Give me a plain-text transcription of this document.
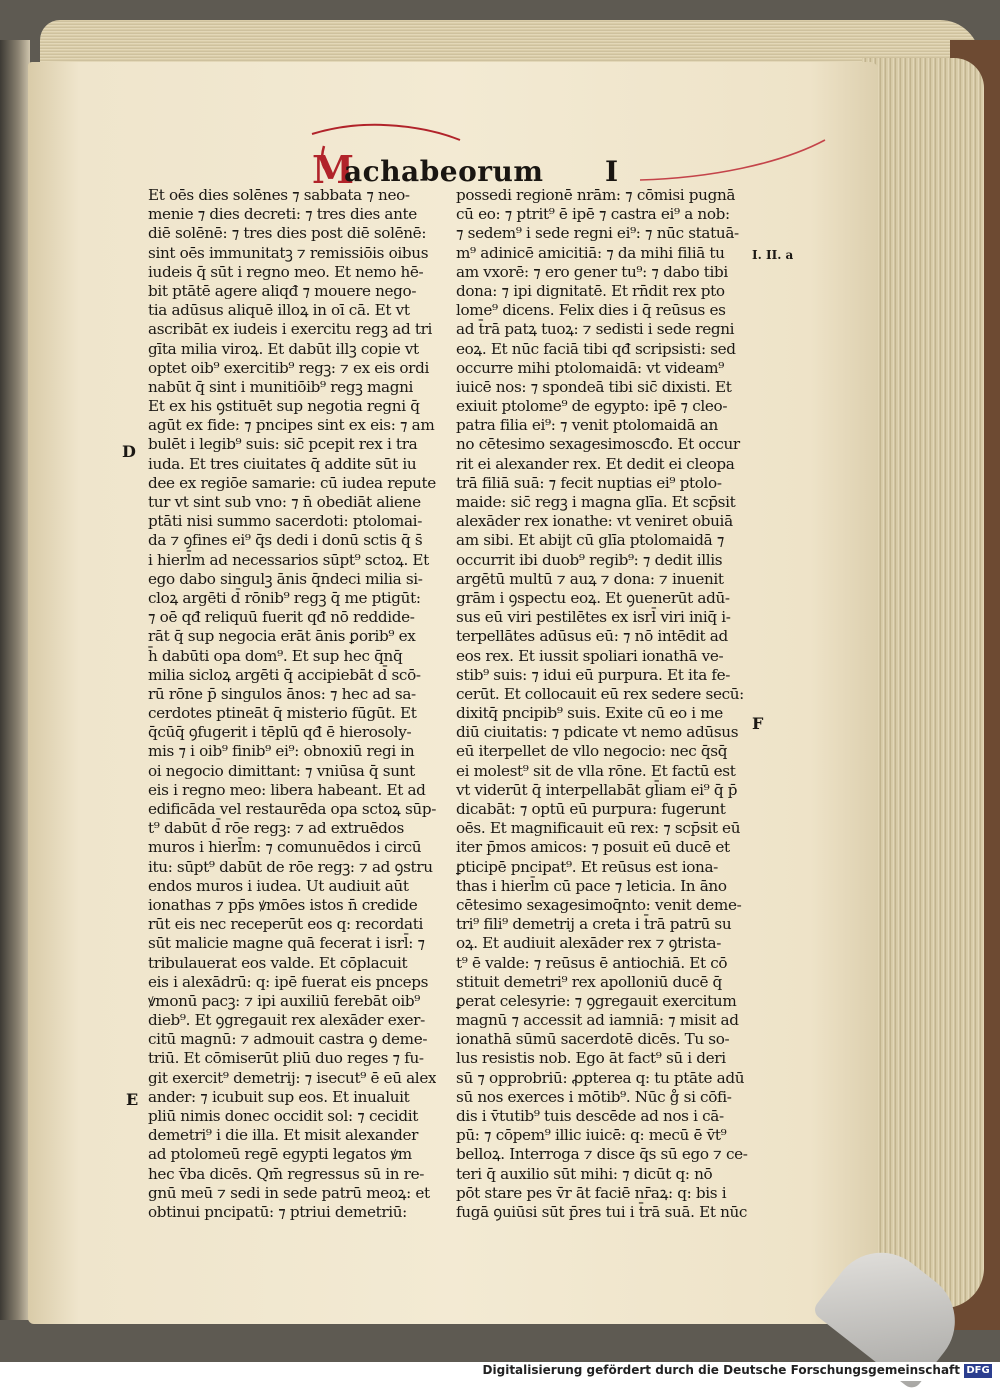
M
achabeorum I
Et oēs dies solēnes ⁊ sabbata ⁊ neo-
menie ⁊ dies decreti: ⁊ tres dies ante
diē solēnē: ⁊ tres dies post diē solēnē:
sint oēs immunitatꝫ ⁊ remissiōis oibus
iudeis q̄ sūt i regno meo. Et nemo hē-
bit ptātē agere aliqđ ⁊ mouere nego-
tia adūsus aliquē illoꝝ in oī cā. Et vt
ascribāt ex iudeis i exercitu regꝫ ad tri
gīta milia viroꝝ. Et dabūt illꝫ copie vt
optet oib⁹ exercitib⁹ regꝫ: ⁊ ex eis ordi
nabūt q̄ sint i munitiōib⁹ regꝫ magni
Et ex his ꝯstituēt sup negotia regni q̄
agūt ex fide: ⁊ pncipes sint ex eis: ⁊ am
bulēt i legib⁹ suis: sic̄ pcepit rex i tra
iuda. Et tres ciuitates q̄ addite sūt iu
dee ex regiōe samarie: cū iudea repute
tur vt sint sub vno: ⁊ n̄ obediāt aliene
ptāti nisi summo sacerdoti: ptolomai-
da ⁊ ꝯfines ei⁹ q̄s dedi i donū sctis q̄ s̄
i hierl̄m ad necessarios sūpt⁹ sctoꝝ. Et
ego dabo singulꝫ ānis q̄ndeci milia si-
cloꝝ argēti d̄ rōnib⁹ regꝫ q̄ me ptigūt:
⁊ oē qđ reliquū fuerit qđ nō reddide-
rāt q̄ sup negocia erāt ānis ꝑorib⁹ ex
h̄ dabūti opa dom⁹. Et sup hec q̄nq̄
milia sicloꝝ argēti q̄ accipiebāt d̄ scō-
rū rōne p̄ singulos ānos: ⁊ hec ad sa-
cerdotes ptineāt q̄ misterio fūgūt. Et
q̄cūq̄ ꝯfugerit i tēplū qđ ē hierosoly-
mis ⁊ i oib⁹ finib⁹ ei⁹: obnoxiū regi in
oi negocio dimittant: ⁊ vniūsa q̄ sunt
eis i regno meo: libera habeant. Et ad
edificāda vel restaurēda opa sctoꝝ sūp-
t⁹ dabūt d̄ rōe regꝫ: ⁊ ad extruēdos
muros i hierl̄m: ⁊ comunuēdos i circū
itu: sūpt⁹ dabūt de rōe regꝫ: ⁊ ad ꝯstru
endos muros i iudea. Ut audiuit aūt
ionathas ⁊ pp̄s ꝟmōes istos n̄ credide
rūt eis nec receperūt eos q: recordati
sūt malicie magne quā fecerat i isrl̄: ⁊
tribulauerat eos valde. Et cōplacuit
eis i alexādrū: q: ipē fuerat eis pnceps
ꝟmonū pacꝫ: ⁊ ipi auxiliū ferebāt oib⁹
dieb⁹. Et ꝯgregauit rex alexāder exer-
citū magnū: ⁊ admouit castra ꝯ deme-
triū. Et cōmiserūt pliū duo reges ⁊ fu-
git exercit⁹ demetrij: ⁊ isecut⁹ ē eū alex
ander: ⁊ icubuit sup eos. Et inualuit
pliū nimis donec occidit sol: ⁊ cecidit
demetri⁹ i die illa. Et misit alexander
ad ptolomeū regē egypti legatos ꝟm
hec v̄ba dicēs. Qm̄ regressus sū in re-
gnū meū ⁊ sedi in sede patrū meoꝝ: et
obtinui pncipatū: ⁊ ptriui demetriū:
possedi regionē nrām: ⁊ cōmisi pugnā
cū eo: ⁊ ptrit⁹ ē ipē ⁊ castra ei⁹ a nob:
⁊ sedem⁹ i sede regni ei⁹: ⁊ nūc statuā-
m⁹ adinicē amicitiā: ⁊ da mihi filiā tu
am vxorē: ⁊ ero gener tu⁹: ⁊ dabo tibi
dona: ⁊ ipi dignitatē. Et rn̄dit rex pto
lome⁹ dicens. Felix dies i q̄ reūsus es
ad t̄rā patꝝ tuoꝝ: ⁊ sedisti i sede regni
eoꝝ. Et nūc faciā tibi qđ scripsisti: sed
occurre mihi ptolomaidā: vt videam⁹
iuicē nos: ⁊ spondeā tibi sic̄ dixisti. Et
exiuit ptolome⁹ de egypto: ipē ⁊ cleo-
patra filia ei⁹: ⁊ venit ptolomaidā an
no cētesimo sexagesimoscđo. Et occur
rit ei alexander rex. Et dedit ei cleopa
trā filiā suā: ⁊ fecit nuptias ei⁹ ptolo-
maide: sic̄ regꝫ i magna glīa. Et scp̄sit
alexāder rex ionathe: vt veniret obuiā
am sibi. Et abijt cū glīa ptolomaidā ⁊
occurrit ibi duob⁹ regib⁹: ⁊ dedit illis
argētū multū ⁊ auꝝ ⁊ dona: ⁊ inuenit
grām i ꝯspectu eoꝝ. Et ꝯuenerūt adū-
sus eū viri pestilētes ex isrl̄ viri iniq̄ i-
terpellātes adūsus eū: ⁊ nō intēdit ad
eos rex. Et iussit spoliari ionathā ve-
stib⁹ suis: ⁊ idui eū purpura. Et ita fe-
cerūt. Et collocauit eū rex sedere secū:
dixitq̄ pncipib⁹ suis. Exite cū eo i me
diū ciuitatis: ⁊ pdicate vt nemo adūsus
eū iterpellet de vllo negocio: nec q̄sq̄
ei molest⁹ sit de vlla rōne. Et factū est
vt viderūt q̄ interpellabāt gl̄iam ei⁹ q̄ p̄
dicabāt: ⁊ optū eū purpura: fugerunt
oēs. Et magnificauit eū rex: ⁊ scp̄sit eū
iter p̄mos amicos: ⁊ posuit eū ducē et
ꝑticipē pncipat⁹. Et reūsus est iona-
thas i hierl̄m cū pace ⁊ leticia. In āno
cētesimo sexagesimoq̄nto: venit deme-
tri⁹ fili⁹ demetrij a creta i t̄rā patrū su
oꝝ. Et audiuit alexāder rex ⁊ ꝯtrista-
t⁹ ē valde: ⁊ reūsus ē antiochiā. Et cō
stituit demetri⁹ rex apolloniū ducē q̄
ꝑerat celesyrie: ⁊ ꝯgregauit exercitum
magnū ⁊ accessit ad iamniā: ⁊ misit ad
ionathā sūmū sacerdotē dicēs. Tu so-
lus resistis nob. Ego āt fact⁹ sū i deri
sū ⁊ opprobriū: ꝓpterea q: tu ptāte adū
sū nos exerces i mōtib⁹. Nūc g̊ si cōfi-
dis i v̄tutib⁹ tuis descēde ad nos i cā-
pū: ⁊ cōpem⁹ illic iuicē: q: mecū ē v̄t⁹
belloꝝ. Interroga ⁊ disce q̄s sū ego ⁊ ce-
teri q̄ auxilio sūt mihi: ⁊ dicūt q: nō
pōt stare pes v̄r āt faciē nr̄aꝝ: q: bis i
fugā ꝯuiūsi sūt p̄res tui i t̄rā suā. Et nūc
D
E
I. II. a
F
Digitalisierung gefördert durch die Deutsche Forschungsgemeinschaft DFG
